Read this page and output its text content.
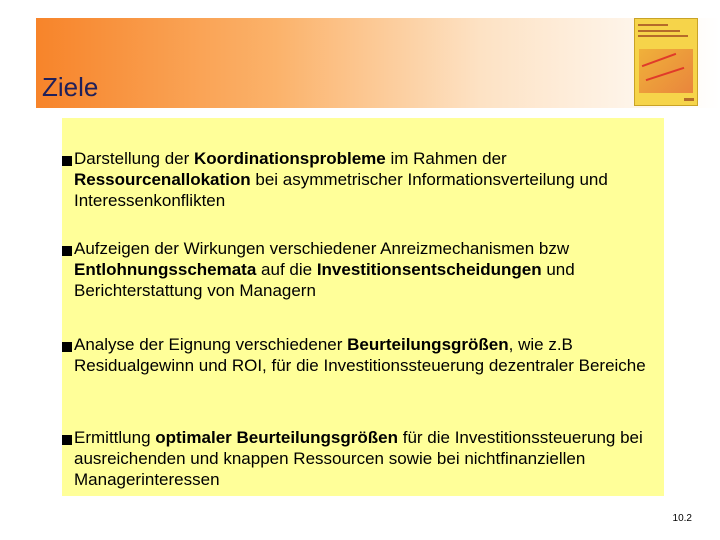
Ziele
Darstellung der Koordinationsprobleme im Rahmen der Ressourcenallokation bei asymmetrischer Informationsverteilung und Interessenkonflikten
Aufzeigen der Wirkungen verschiedener Anreizmechanismen bzw Entlohnungsschemata auf die Investitionsentscheidungen und Berichterstattung von Managern
Analyse der Eignung verschiedener Beurteilungsgrößen, wie z.B Residualgewinn und ROI, für die Investitionssteuerung dezentraler Bereiche
Ermittlung optimaler Beurteilungsgrößen für die Investitionssteuerung bei ausreichenden und knappen Ressourcen sowie bei nichtfinanziellen Managerinteressen
10.2
